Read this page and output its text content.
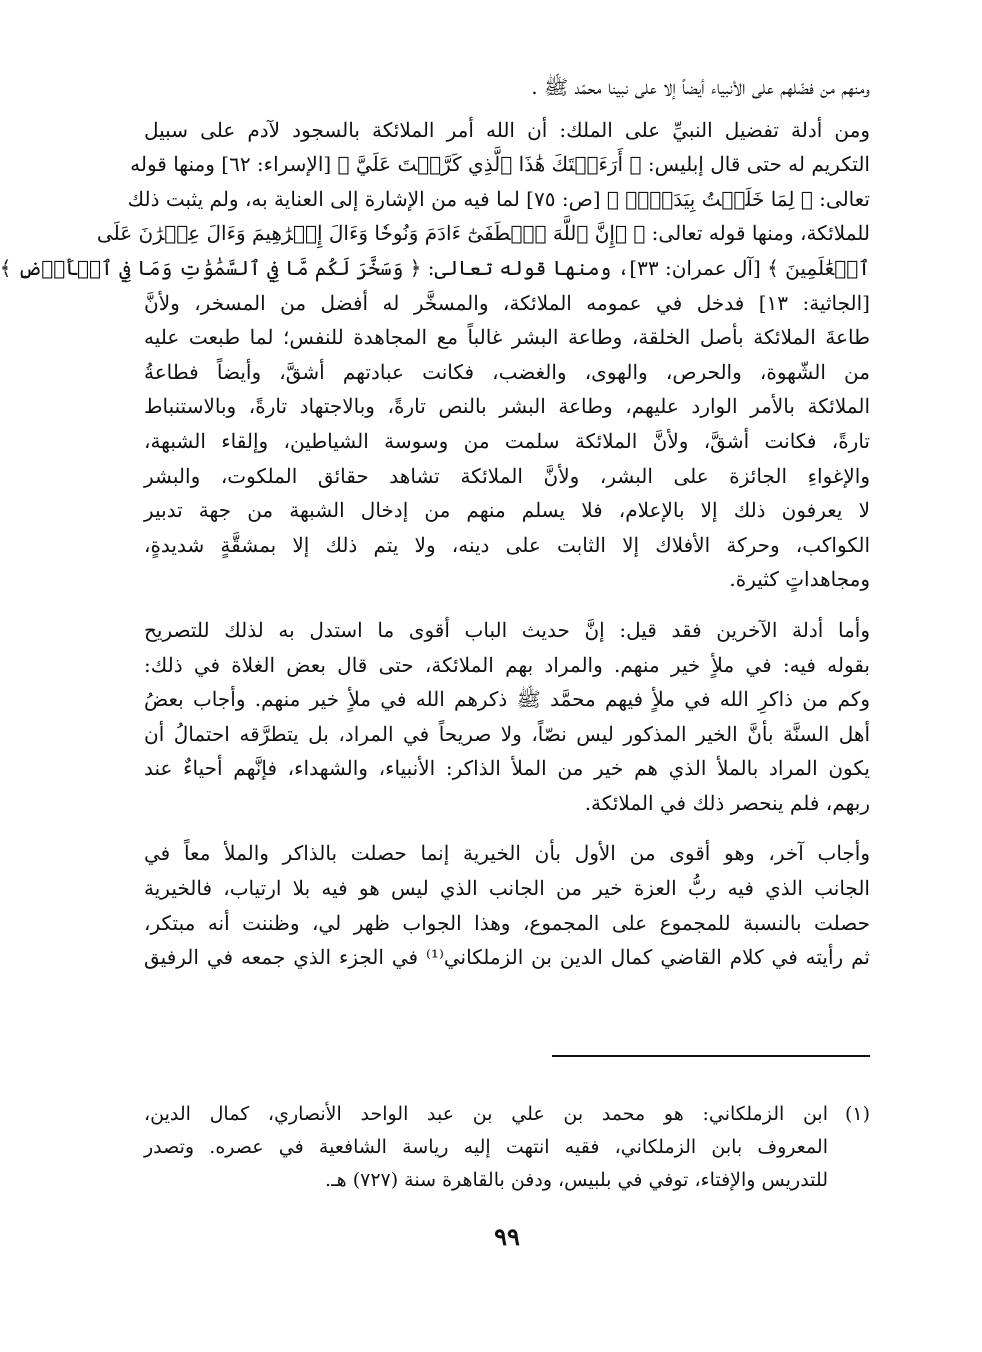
ومنهم من فضّلهم على الأنبياء أيضاً إلا على نبينا محمّد ﷺ .
ومن أدلة تفضيل النبيِّ على الملك: أن الله أمر الملائكة بالسجود لآدم على سبيل
التكريم له حتى قال إبليس: ﴿ أَرَءَيۡتَكَ هَٰذَا ٱلَّذِي كَرَّمۡتَ عَلَيَّ ﴾ [الإسراء: ٦٢] ومنها قوله
تعالى: ﴿ لِمَا خَلَقۡتُ بِيَدَيَّۖ ﴾ [ص: ٧٥] لما فيه من الإشارة إلى العناية به، ولم يثبت ذلك
للملائكة، ومنها قوله تعالى: ﴿ ۞إِنَّ ٱللَّهَ ٱصۡطَفَىٰٓ ءَادَمَ وَنُوحٗا وَءَالَ إِبۡرَٰهِيمَ وَءَالَ عِمۡرَٰنَ عَلَى
ٱلۡعَٰلَمِينَ ﴾ [آل عمران: ٣٣]، ومنها قوله تعالى: ﴿ وَسَخَّرَ لَكُم مَّا فِي ٱلسَّمَٰوَٰتِ وَمَا فِي ٱلۡأَرۡضِ ﴾
[الجاثية: ١٣] فدخل في عمومه الملائكة، والمسخَّر له أفضل من المسخر، ولأنَّ
طاعةَ الملائكة بأصل الخلقة، وطاعة البشر غالباً مع المجاهدة للنفس؛ لما طبعت عليه
من الشّهوة، والحرص، والهوى، والغضب، فكانت عبادتهم أشقَّ، وأيضاً فطاعةُ
الملائكة بالأمر الوارد عليهم، وطاعة البشر بالنص تارةً، وبالاجتهاد تارةً، وبالاستنباط
تارةً، فكانت أشقَّ، ولأنَّ الملائكة سلمت من وسوسة الشياطين، وإلقاء الشبهة،
والإغواءِ الجائزة على البشر، ولأنَّ الملائكة تشاهد حقائق الملكوت، والبشر
لا يعرفون ذلك إلا بالإعلام، فلا يسلم منهم من إدخال الشبهة من جهة تدبير
الكواكب، وحركة الأفلاك إلا الثابت على دينه، ولا يتم ذلك إلا بمشقَّةٍ شديدةٍ،
ومجاهداتٍ كثيرة.
وأما أدلة الآخرين فقد قيل: إنَّ حديث الباب أقوى ما استدل به لذلك للتصريح
بقوله فيه: في ملأٍ خير منهم. والمراد بهم الملائكة، حتى قال بعض الغلاة في ذلك:
وكم من ذاكرِ الله في ملأٍ فيهم محمَّد ﷺ ذكرهم الله في ملأٍ خير منهم. وأجاب بعضُ
أهل السنَّة بأنَّ الخير المذكور ليس نصّاً، ولا صريحاً في المراد، بل يتطرَّقه احتمالُ أن
يكون المراد بالملأ الذي هم خير من الملأ الذاكر: الأنبياء، والشهداء، فإنَّهم أحياءٌ عند
ربهم، فلم ينحصر ذلك في الملائكة.
وأجاب آخر، وهو أقوى من الأول بأن الخيرية إنما حصلت بالذاكر والملأ معاً في
الجانب الذي فيه ربُّ العزة خير من الجانب الذي ليس هو فيه بلا ارتياب، فالخيرية
حصلت بالنسبة للمجموع على المجموع، وهذا الجواب ظهر لي، وظننت أنه مبتكر،
ثم رأيته في كلام القاضي كمال الدين بن الزملكاني⁽¹⁾ في الجزء الذي جمعه في الرفيق
(١)
ابن الزملكاني: هو محمد بن علي بن عبد الواحد الأنصاري، كمال الدين،
المعروف بابن الزملكاني، فقيه انتهت إليه رياسة الشافعية في عصره. وتصدر
للتدريس والإفتاء، توفي في بلبيس، ودفن بالقاهرة سنة (٧٢٧) هـ.
٩٩
